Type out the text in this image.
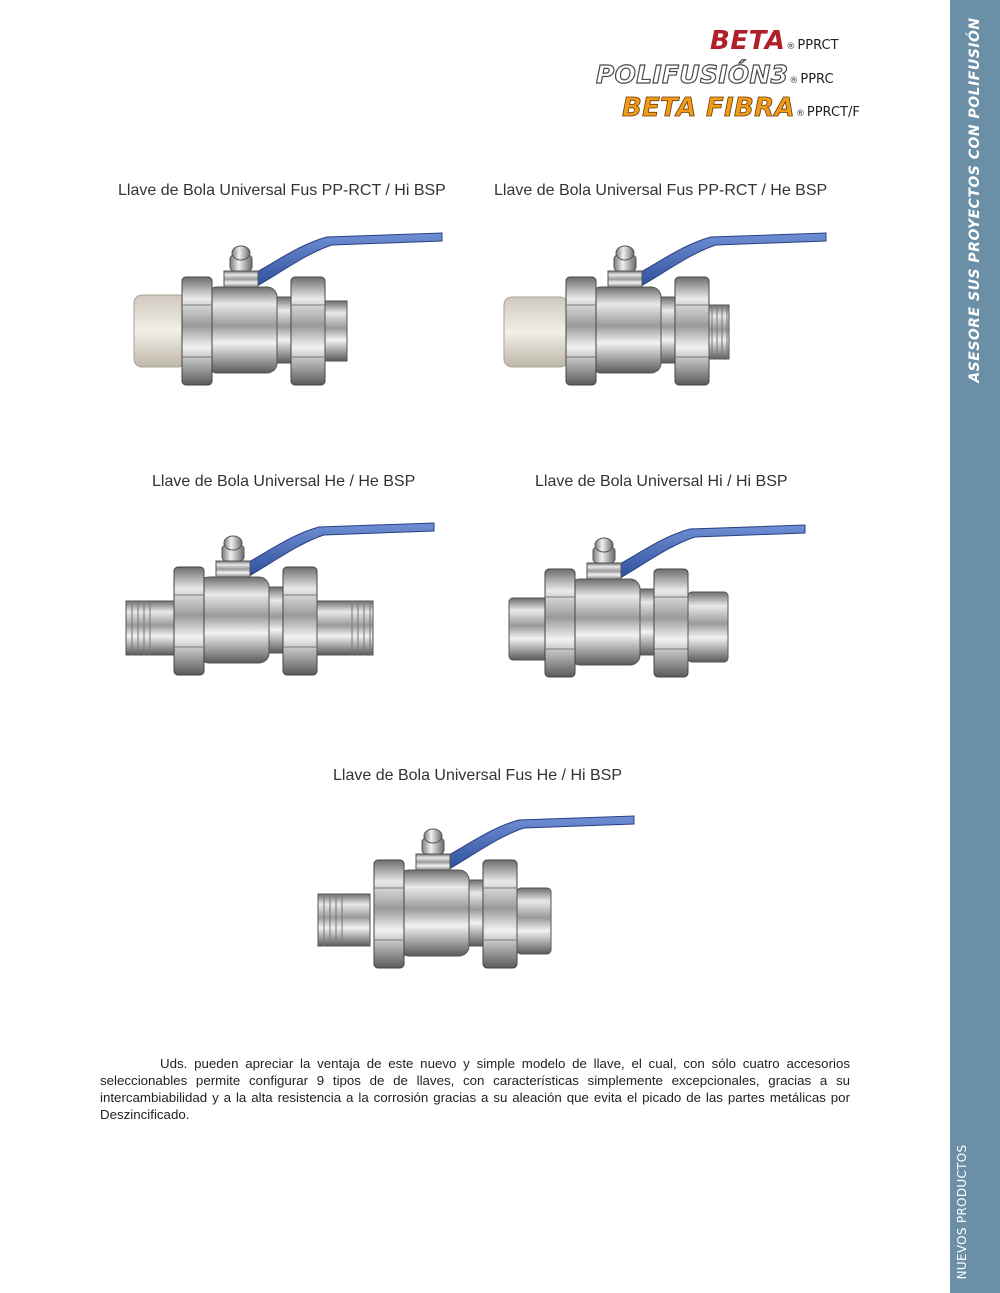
ASESORE SUS PROYECTOS CON POLIFUSIÓN
NUEVOS PRODUCTOS
BETA® PPRCT
POLIFUSIÓN3® PPRC
BETA FIBRA® PPRCT/F
Llave de Bola Universal Fus PP-RCT / Hi BSP	Llave de Bola Universal Fus PP-RCT / He BSP
Llave de Bola Universal He / He BSP	Llave de Bola Universal Hi / Hi BSP
Llave de Bola Universal Fus He / Hi BSP
Uds. pueden apreciar la ventaja de este nuevo y simple modelo de llave, el cual, con sólo cuatro accesorios seleccionables permite configurar 9 tipos de de llaves, con características simplemente excepcionales, gracias a su intercambiabilidad y a la alta resistencia a la corrosión gracias a su aleación que evita el picado de las partes metálicas por Deszincificado.
